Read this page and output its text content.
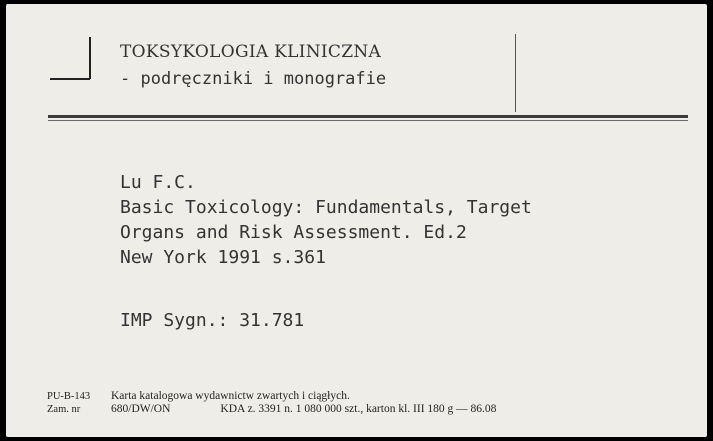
TOKSYKOLOGIA KLINICZNA
- podręczniki i monografie
Lu F.C.
Basic Toxicology: Fundamentals, Target
Organs and Risk Assessment. Ed.2
New York 1991 s.361
IMP Sygn.: 31.781
PU-B-143 Karta katalogowa wydawnictw zwartych i ciągłych.
Zam. nr	680/DW/ON	KDA z. 3391 n. 1 080 000 szt., karton kl. III 180 g — 86.08
